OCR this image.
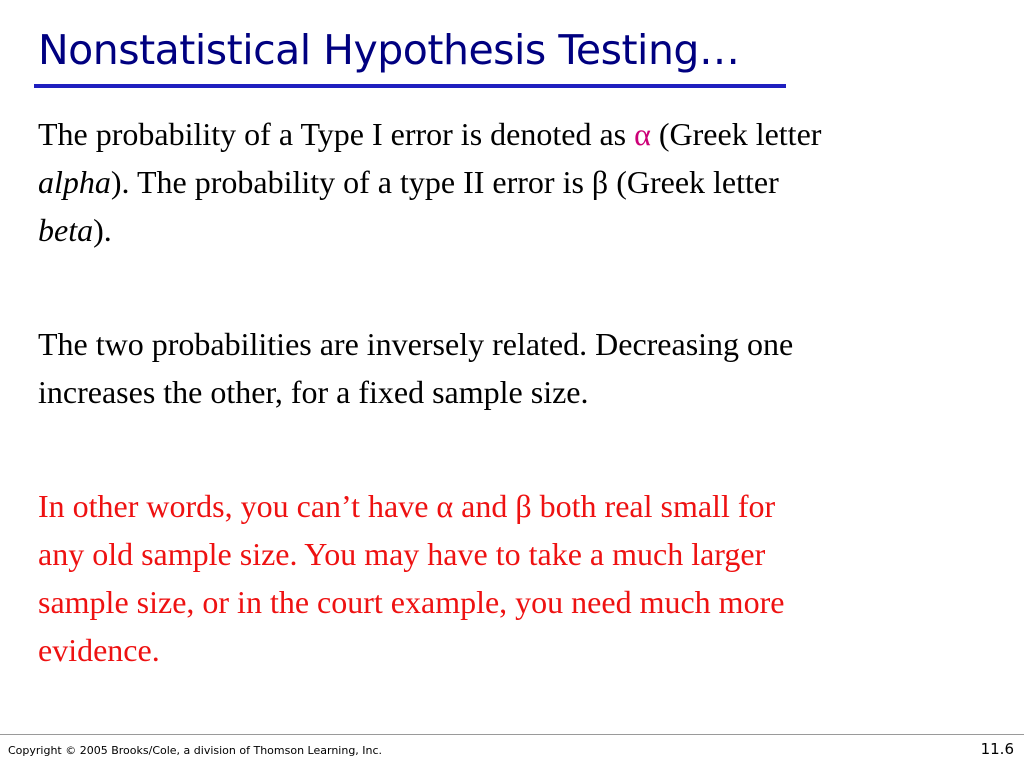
Nonstatistical Hypothesis Testing…
The probability of a Type I error is denoted as α (Greek letter
alpha). The probability of a type II error is β (Greek letter
beta).
The two probabilities are inversely related. Decreasing one
increases the other, for a fixed sample size.
In other words, you can’t have α and β both real small for
any old sample size. You may have to take a much larger
sample size, or in the court example, you need much more
evidence.
Copyright © 2005 Brooks/Cole, a division of Thomson Learning, Inc.	11.6
